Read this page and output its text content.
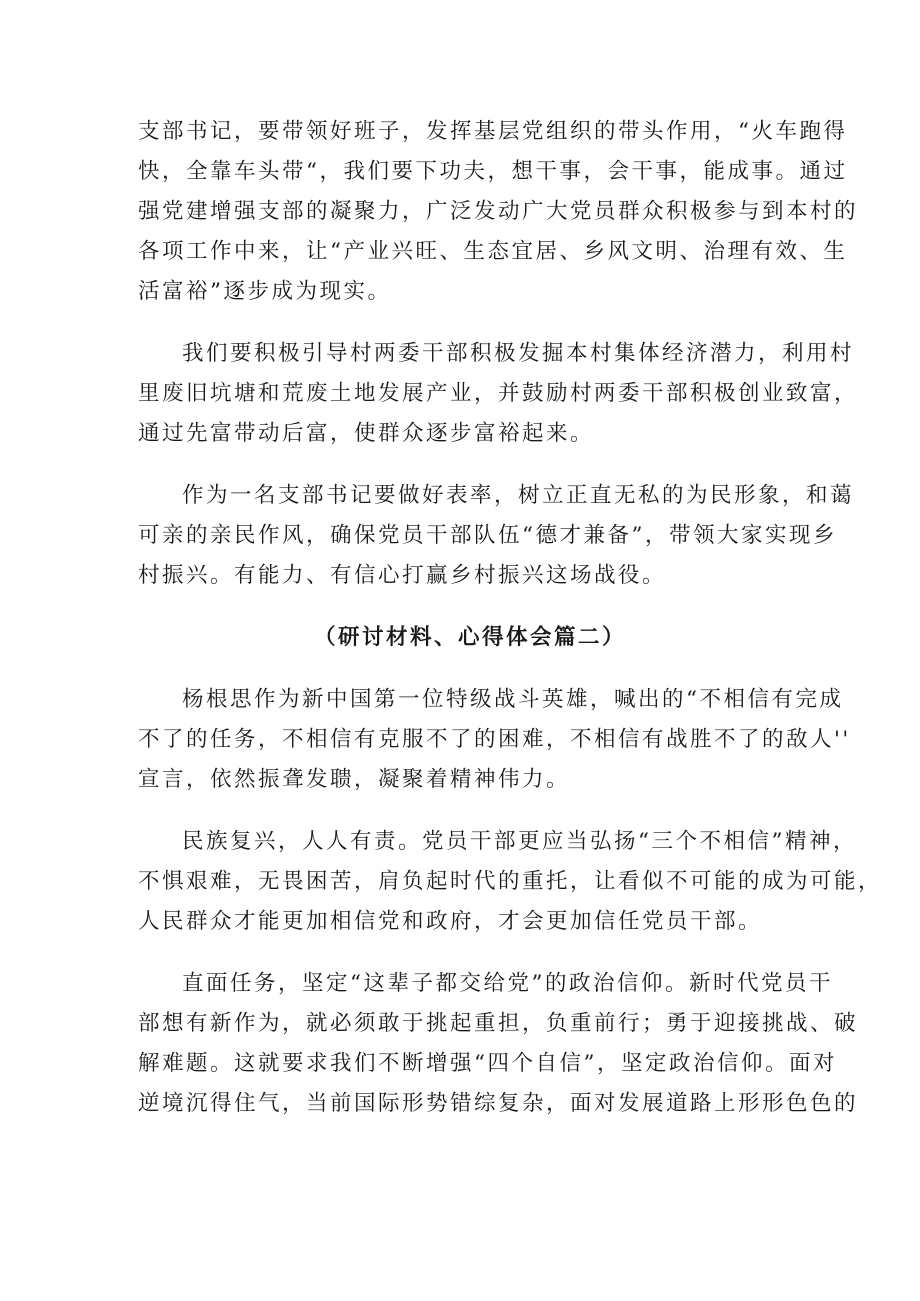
支部书记，要带领好班子，发挥基层党组织的带头作用，“火车跑得
快，全靠车头带“，我们要下功夫，想干事，会干事，能成事。通过
强党建增强支部的凝聚力，广泛发动广大党员群众积极参与到本村的
各项工作中来，让“产业兴旺、生态宜居、乡风文明、治理有效、生
活富裕”逐步成为现实。

我们要积极引导村两委干部积极发掘本村集体经济潜力，利用村
里废旧坑塘和荒废土地发展产业，并鼓励村两委干部积极创业致富，
通过先富带动后富，使群众逐步富裕起来。

作为一名支部书记要做好表率，树立正直无私的为民形象，和蔼
可亲的亲民作风，确保党员干部队伍“德才兼备”，带领大家实现乡
村振兴。有能力、有信心打赢乡村振兴这场战役。

（研讨材料、心得体会篇二）

杨根思作为新中国第一位特级战斗英雄，喊出的“不相信有完成
不了的任务，不相信有克服不了的困难，不相信有战胜不了的敌人''
宣言，依然振聋发聩，凝聚着精神伟力。

民族复兴，人人有责。党员干部更应当弘扬“三个不相信”精神，
不惧艰难，无畏困苦，肩负起时代的重托，让看似不可能的成为可能，
人民群众才能更加相信党和政府，才会更加信任党员干部。

直面任务，坚定“这辈子都交给党”的政治信仰。新时代党员干
部想有新作为，就必须敢于挑起重担，负重前行；勇于迎接挑战、破
解难题。这就要求我们不断增强“四个自信”，坚定政治信仰。面对
逆境沉得住气，当前国际形势错综复杂，面对发展道路上形形色色的
